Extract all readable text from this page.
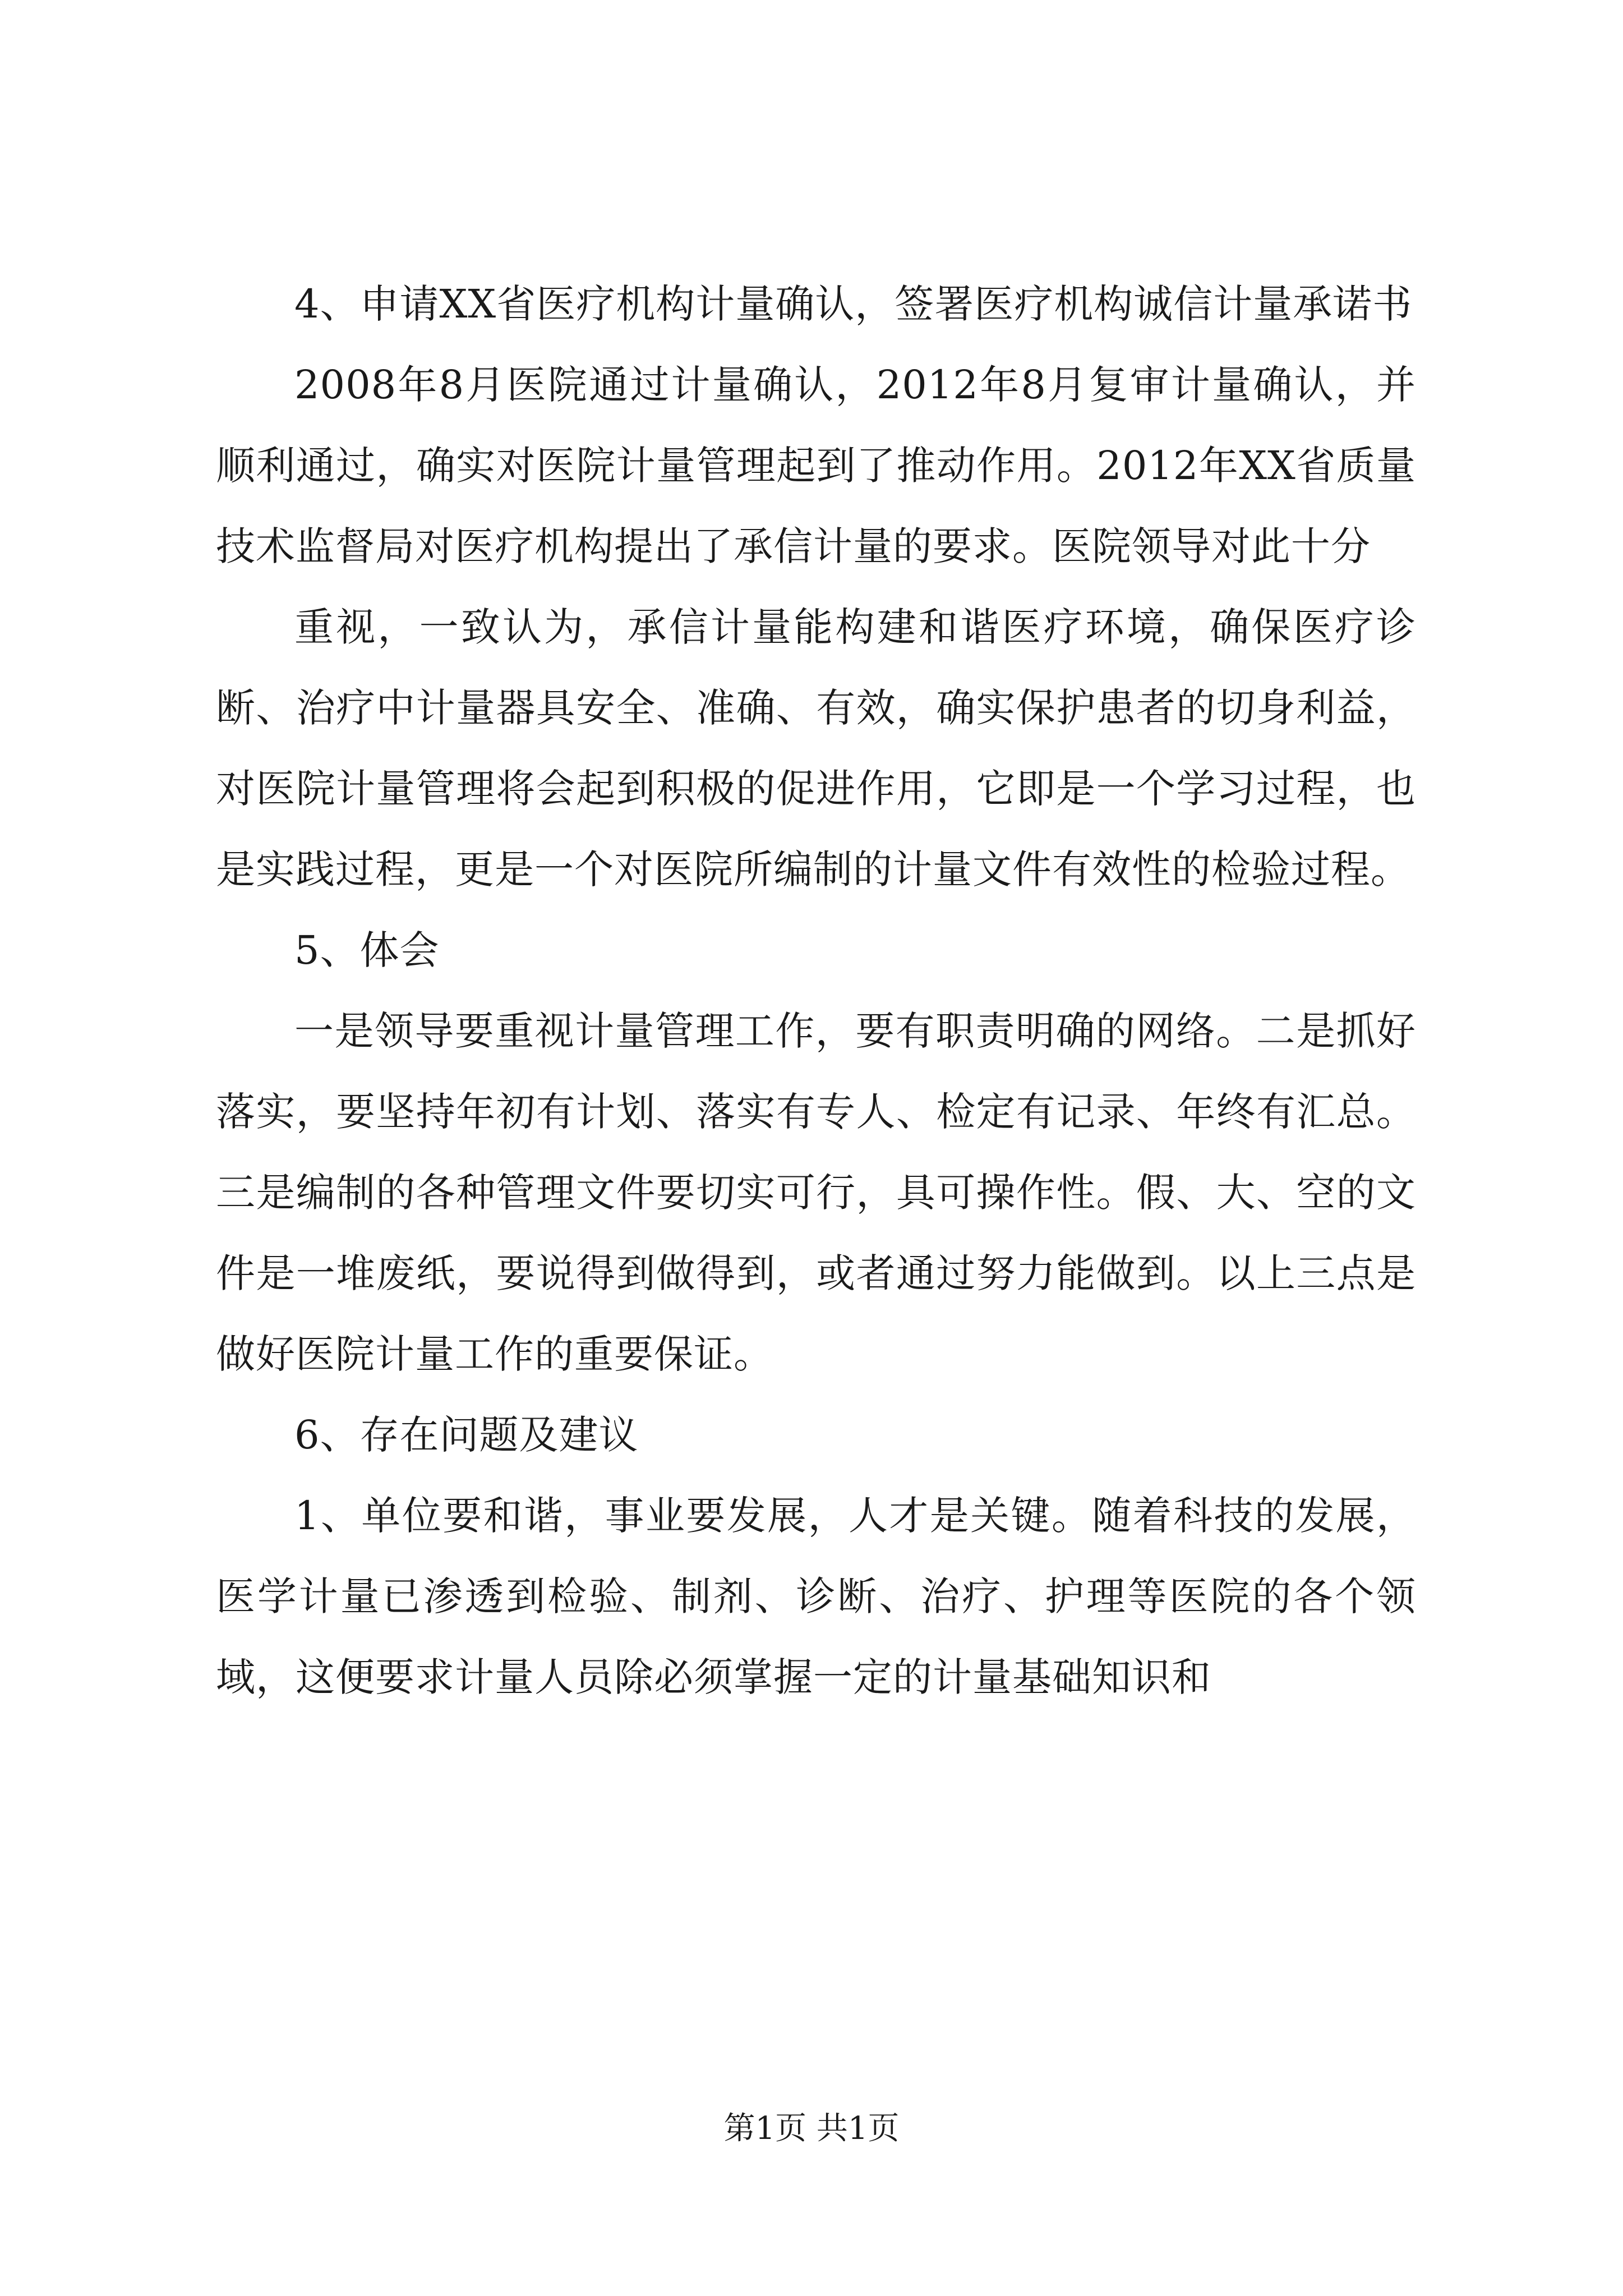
4、申请XX省医疗机构计量确认，签署医疗机构诚信计量承诺书

2008年8月医院通过计量确认，2012年8月复审计量确认，并顺利通过，确实对医院计量管理起到了推动作用。2012年XX省质量技术监督局对医疗机构提出了承信计量的要求。医院领导对此十分

重视，一致认为，承信计量能构建和谐医疗环境，确保医疗诊断、治疗中计量器具安全、准确、有效，确实保护患者的切身利益，对医院计量管理将会起到积极的促进作用，它即是一个学习过程，也是实践过程，更是一个对医院所编制的计量文件有效性的检验过程。

5、体会

一是领导要重视计量管理工作，要有职责明确的网络。二是抓好落实，要坚持年初有计划、落实有专人、检定有记录、年终有汇总。三是编制的各种管理文件要切实可行，具可操作性。假、大、空的文件是一堆废纸，要说得到做得到，或者通过努力能做到。以上三点是做好医院计量工作的重要保证。

6、存在问题及建议

1、单位要和谐，事业要发展，人才是关键。随着科技的发展，医学计量已渗透到检验、制剂、诊断、治疗、护理等医院的各个领域，这便要求计量人员除必须掌握一定的计量基础知识和

第1页 共1页
